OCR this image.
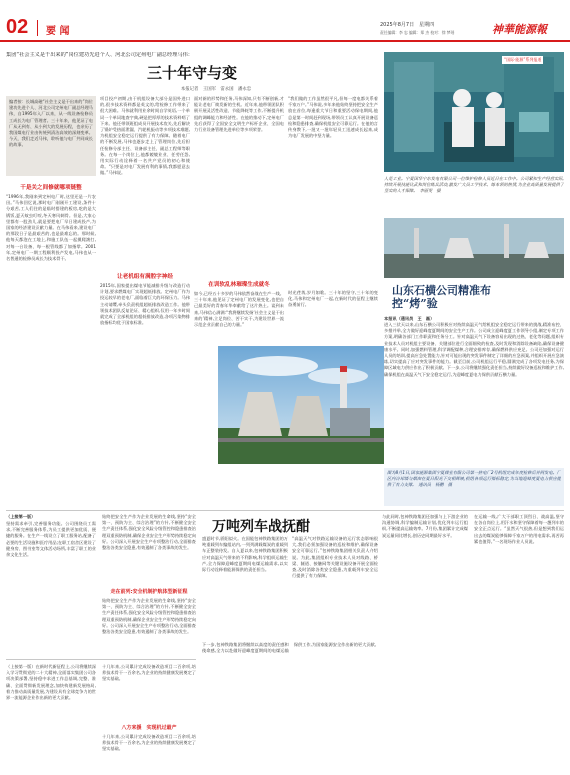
02 要 闻
2025年8月7日　星期四
责任编辑：李 忠 编辑：郑 杰 校对：徐 梦瑶	神華能源報
集团“社会主义是干出来的”岗位建功先进个人、河北公司定州电厂副总经理马伟：
三十年守与变
本报记者　王国军　雷永国　潘永忠
编者按：长城高磁“社会主义是干出来的”岗位建功先进个人、河北公司定州电厂副总经理马伟，自1995年入厂以来，从一线设备检修员工成长为电厂管理者。三十年来，他见证了电厂从无到有、从小到大的发展历程，也亲历了我国煤电行业由传统到清洁高效的深刻变革。今天，我们走近马伟，聆听他与电厂共同成长的故事。
干是关之间修就哪项链整
“1996年,我刚来到定州电厂时,这里还是一片农田。”马伟回忆说,那时电厂刚刚开工建设,条件十分艰苦,工人们住的是临时搭建的板房,吃的是大锅饭,夏天蚊虫叮咬,冬天寒风刺骨。但是,大家心里都有一股劲儿,就是要把电厂早日建成投产,为国家的经济建设贡献力量。在马伟看来,建设电厂的那段日子是最艰苦的,也是最难忘的。那时候,他每天都泡在工地上,和施工队伍一起摸爬滚打,对每一台设备、每一根管线都了如指掌。2001年,定州电厂一期工程顺利投产发电,马伟也从一名普通的检修员成长为技术骨干。
项目投产初期,由于机组设备大部分是国外进口的,很多技术资料都是英文的,给检修工作带来了很大困难。马伟就利用业余时间自学英语,一个单词一个单词地查字典,硬是把厚厚的技术资料啃了下来。他还带领班组成员开展技术攻关,先后解决了锅炉受热面泄漏、汽轮机振动等多项技术难题,为机组安全稳定运行提供了有力保障。随着电厂的不断发展,马伟也逐步走上了管理岗位,先后担任检修分部主任、设备部主任、副总工程师等职务。在每一个岗位上,他都兢兢业业、任劳任怨,用实际行动诠释着一名共产党员的初心和使命。“只要是对电厂发展有利的事情,我都愿意去做。”马伟说。
让老机组有满腔字神经
2015年,国家提出煤电节能减排升级与改造行动计划,要求燃煤电厂实现超低排放。定州电厂作为投运较早的老电厂,面临着巨大的环保压力。马伟主动请缨,牵头负责机组超低排放改造工作。他带领技术团队反复论证、精心组织,仅用一年多时间就完成了全部机组的超低排放改造,各项污染物排放指标均优于国家标准。
面对新的形势和任务,马伟深知,只有不断创新,才能让老电厂焕发新的生机。近年来,他带领团队积极开展灵活性改造、节能降耗等工作,不断提升机组的调峰能力和经济性。在他的推动下,定州电厂先后获得了全国安全文明生产标杆企业、全国电力行业设备管理先进单位等多项荣誉。
在训软乱林璀璨生成就冬
如今,已经五十多岁的马伟依然奋战在生产一线。三十年来,他见证了定州电厂的发展变化,也把自己最美好的青春年华奉献给了这片热土。谈到未来,马伟信心满满:“我将继续发扬‘社会主义是干出来的’精神,立足岗位、苦干实干,为建设世界一流示范企业贡献自己的力量。”
“我们做的工作虽然很平凡,但每一度电都关系着千家万户。”马伟说,多年来他始终坚持把安全生产放在首位,每逢重大节日和重要活动保电期间,他总是第一时间赶到现场,带领员工认真开展设备巡检和隐患排查,确保机组安全可靠运行。在他的言传身教下,一批又一批年轻员工迅速成长起来,成为电厂发展的中坚力量。
时光荏苒,岁月如歌。三十年的坚守,三十年的变化,马伟和定州电厂一起,在新时代的征程上继续奋勇前行。
“国际·能源”系列报道
人是工业。宁夏国华宁东发电有限公司一位维护检修人员近日在工作中。公司紧扣生产经营实际,持续开展技能比武和岗位练兵活动,激发广大员工学技术、练本领的热情,为企业高质量发展提供了坚实的人才保障。　李丽雯　摄
山东石横公司精准布控“烤”验
本报讯（通讯员　王　磊）
进入三伏天以来,山东石横公司积极应对持续高温天气给机组安全稳定运行带来的挑战,精准布控、多措并举,全力做好迎峰度夏期间的安全生产工作。公司成立迎峰度夏工作领导小组,制定专项工作方案,明确各部门工作职责和任务分工。针对高温天气下设备容易出现的过热、老化等问题,组织专业技术人员对机组主要设备、关键部位进行全面细致的检查,及时发现和消除设备缺陷,确保设备健康水平。同时,加强燃料管理,科学调配煤种,合理安排库存,确保燃料供应充足。公司还加强对运行人员的培训,提高应急处置能力,针对可能出现的突发事件制定了详细的应急预案,并组织开展应急演练,切实提高了应对突发事件的能力。截至目前,公司机组运行平稳,圆满完成了各项发电任务,为保障区域电力供应作出了积极贡献。下一步,公司将继续强化责任担当,持续做好设备巡检和维护工作,确保机组在高温天气下安全稳定运行,为迎峰度夏电力保供贡献石横力量。
图为8月1日,国家能源集团宁夏煤业有限公司第一热电厂2号机组完成年度检修后并网发电。厂区内冷却塔与烟囱在夏日阳光下交相辉映,机组各项运行指标稳定,为当地迎峰度夏电力供应提供了有力支撑。　通讯员　杨鹏　摄
（上接第一版）
坚持需求牵引,完善服务功能。公司围绕员工需求,不断完善服务体系,为员工提供更加优质、便捷的服务。在生产一线设立了职工服务站,配备了必要的生活设施和医疗用品;在职工宿舍区建设了健身房、图书室等文体活动场所,丰富了职工的业余文化生活。
始终把安全生产作为企业发展的生命线,坚持“安全第一、预防为主、综合治理”的方针,不断健全安全生产责任体系,强化安全风险分级管控和隐患排查治理双重预防机制,确保企业安全生产形势持续稳定向好。公司深入开展安全生产专项整治行动,全面排查整治各类安全隐患,有效遏制了各类事故的发生。
走在前列:安全机制护航体型新征程
始终把安全生产作为企业发展的生命线,坚持“安全第一、预防为主、综合治理”的方针,不断健全安全生产责任体系,强化安全风险分级管控和隐患排查治理双重预防机制,确保企业安全生产形势持续稳定向好。公司深入开展安全生产专项整治行动,全面排查整治各类安全隐患,有效遏制了各类事故的发生。
（上接第一版）在新时代新征程上,公司将继续深入学习贯彻党的二十大精神,全面落实集团公司各项决策部署,坚持稳中求进工作总基调,完整、准确、全面贯彻新发展理念,加快构建新发展格局,着力推动高质量发展,为建设具有全球竞争力的世界一流能源企业作出新的更大贡献。
十几年来,公司累计完成设备改造项目二百余项,培养技术骨干一百余名,为企业的持续健康发展奠定了坚实基础。
八方来援　实现机过最产
十几年来,公司累计完成设备改造项目二百余项,培养技术骨干一百余名,为企业的持续健康发展奠定了坚实基础。
万吨列车战抚酣
盛夏时节,骄阳似火。在国能包神铁路集团的万吨重载列车编组站内,一列列满载煤炭的重载列车正整装待发。自入夏以来,包神铁路集团积极应对高温天气带来的不利影响,科学组织运输生产,全力保障迎峰度夏期间电煤运输需求,以实际行动诠释着能源保供的责任担当。
“高温天气对铁路运输设备的运行状态影响很大,我们必须加强设备的巡检和维护,确保设备安全可靠运行。”包神铁路集团相关负责人介绍说。为此,集团组织专业技术人员对线路、桥梁、隧道、接触网等关键设施设备开展全面检查,及时消除各类安全隐患,为重载列车安全运行提供了有力保障。
与此同时,包神铁路集团还加强与上下游企业的沟通协调,科学编制运输计划,优化列车运行组织,不断提高运输效率。7月份,集团累计完成煤炭运量同比增长,创历史同期最好水平。
在运输一线,广大干部职工顶烈日、战高温,坚守在各自岗位上,用汗水和坚守保障着每一趟列车的安全正点运行。“虽然天气很热,但是想到我们运出去的煤炭能够保障千家万户的用电需求,再苦再累也值得。”一名现场作业人员说。
下一步,包神铁路集团将继续以高度的责任感和使命感,全力以赴做好迎峰度夏期间的电煤运输保供工作,为国家能源安全作出新的更大贡献。
